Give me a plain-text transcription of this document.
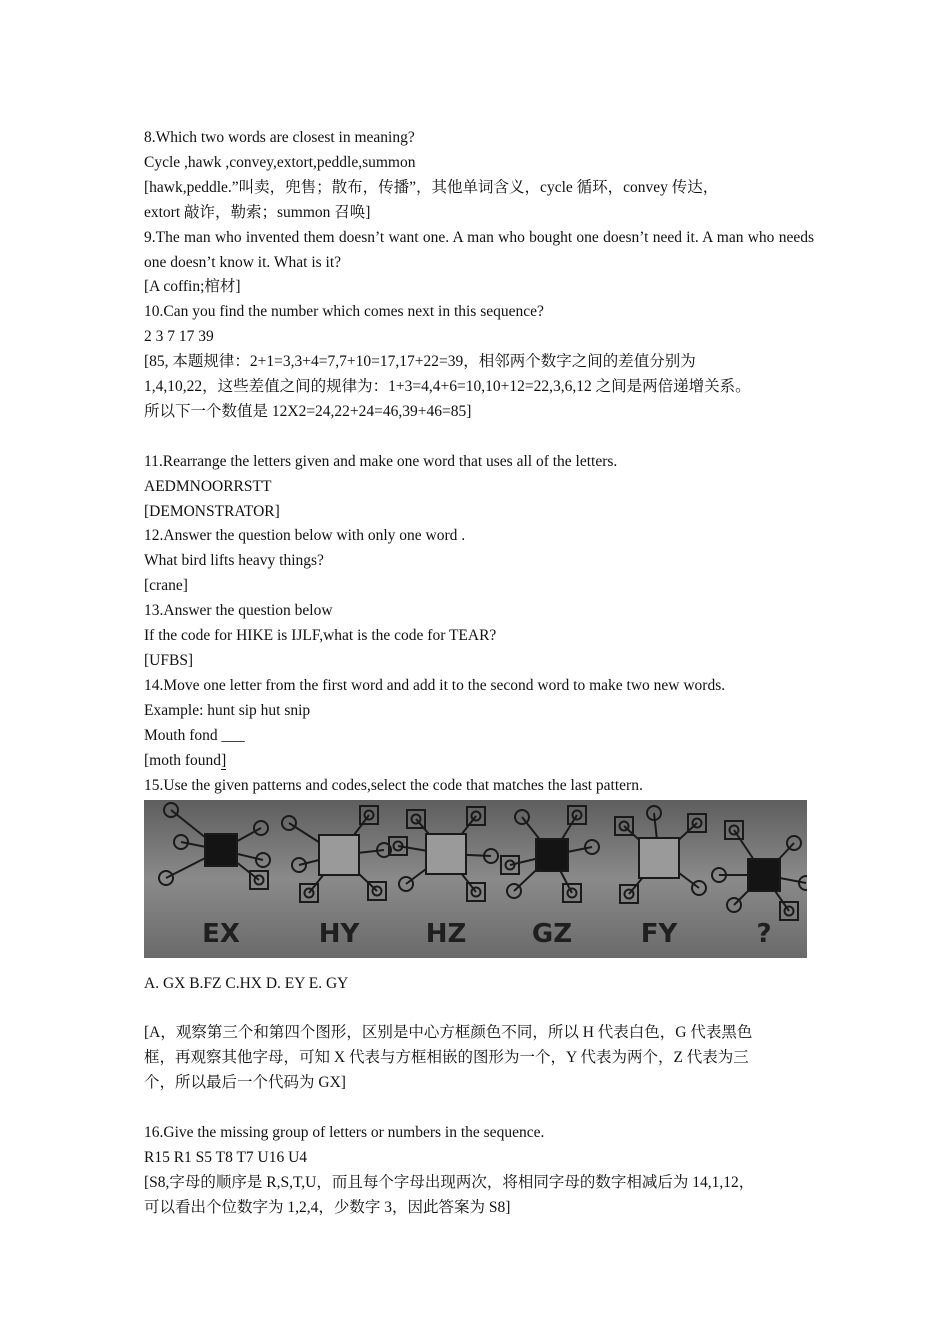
8.Which two words are closest in meaning?
Cycle ,hawk ,convey,extort,peddle,summon
[hawk,peddle.”叫卖，兜售；散布，传播”，其他单词含义，cycle 循环，convey 传达，
extort 敲诈，勒索；summon 召唤]
9.The man who invented them doesn’t want one. A man who bought one doesn’t need it. A man who needs one doesn’t know it. What is it?
[A coffin;棺材]
10.Can you find the number which comes next in this sequence?
2 3 7 17 39
[85, 本题规律：2+1=3,3+4=7,7+10=17,17+22=39，相邻两个数字之间的差值分别为
1,4,10,22，这些差值之间的规律为：1+3=4,4+6=10,10+12=22,3,6,12 之间是两倍递增关系。
所以下一个数值是 12X2=24,22+24=46,39+46=85]
11.Rearrange the letters given and make one word that uses all of the letters.
AEDMNOORRSTT
[DEMONSTRATOR]
12.Answer the question below with only one word .
What bird lifts heavy things?
[crane]
13.Answer the question below
If the code for HIKE is IJLF,what is the code for TEAR?
[UFBS]
14.Move one letter from the first word and add it to the second word to make two new words.
Example: hunt sip hut snip
Mouth fond ___
[moth found]
15.Use the given patterns and codes,select the code that matches the last pattern.
EX	HY	HZ	GZ	FY	?
A. GX B.FZ C.HX D. EY E. GY
[A，观察第三个和第四个图形，区别是中心方框颜色不同，所以 H 代表白色，G 代表黑色
框，再观察其他字母，可知 X 代表与方框相嵌的图形为一个，Y 代表为两个，Z 代表为三
个，所以最后一个代码为 GX]
16.Give the missing group of letters or numbers in the sequence.
R15 R1 S5 T8 T7 U16 U4
[S8,字母的顺序是 R,S,T,U，而且每个字母出现两次，将相同字母的数字相减后为 14,1,12，
可以看出个位数字为 1,2,4，少数字 3，因此答案为 S8]
